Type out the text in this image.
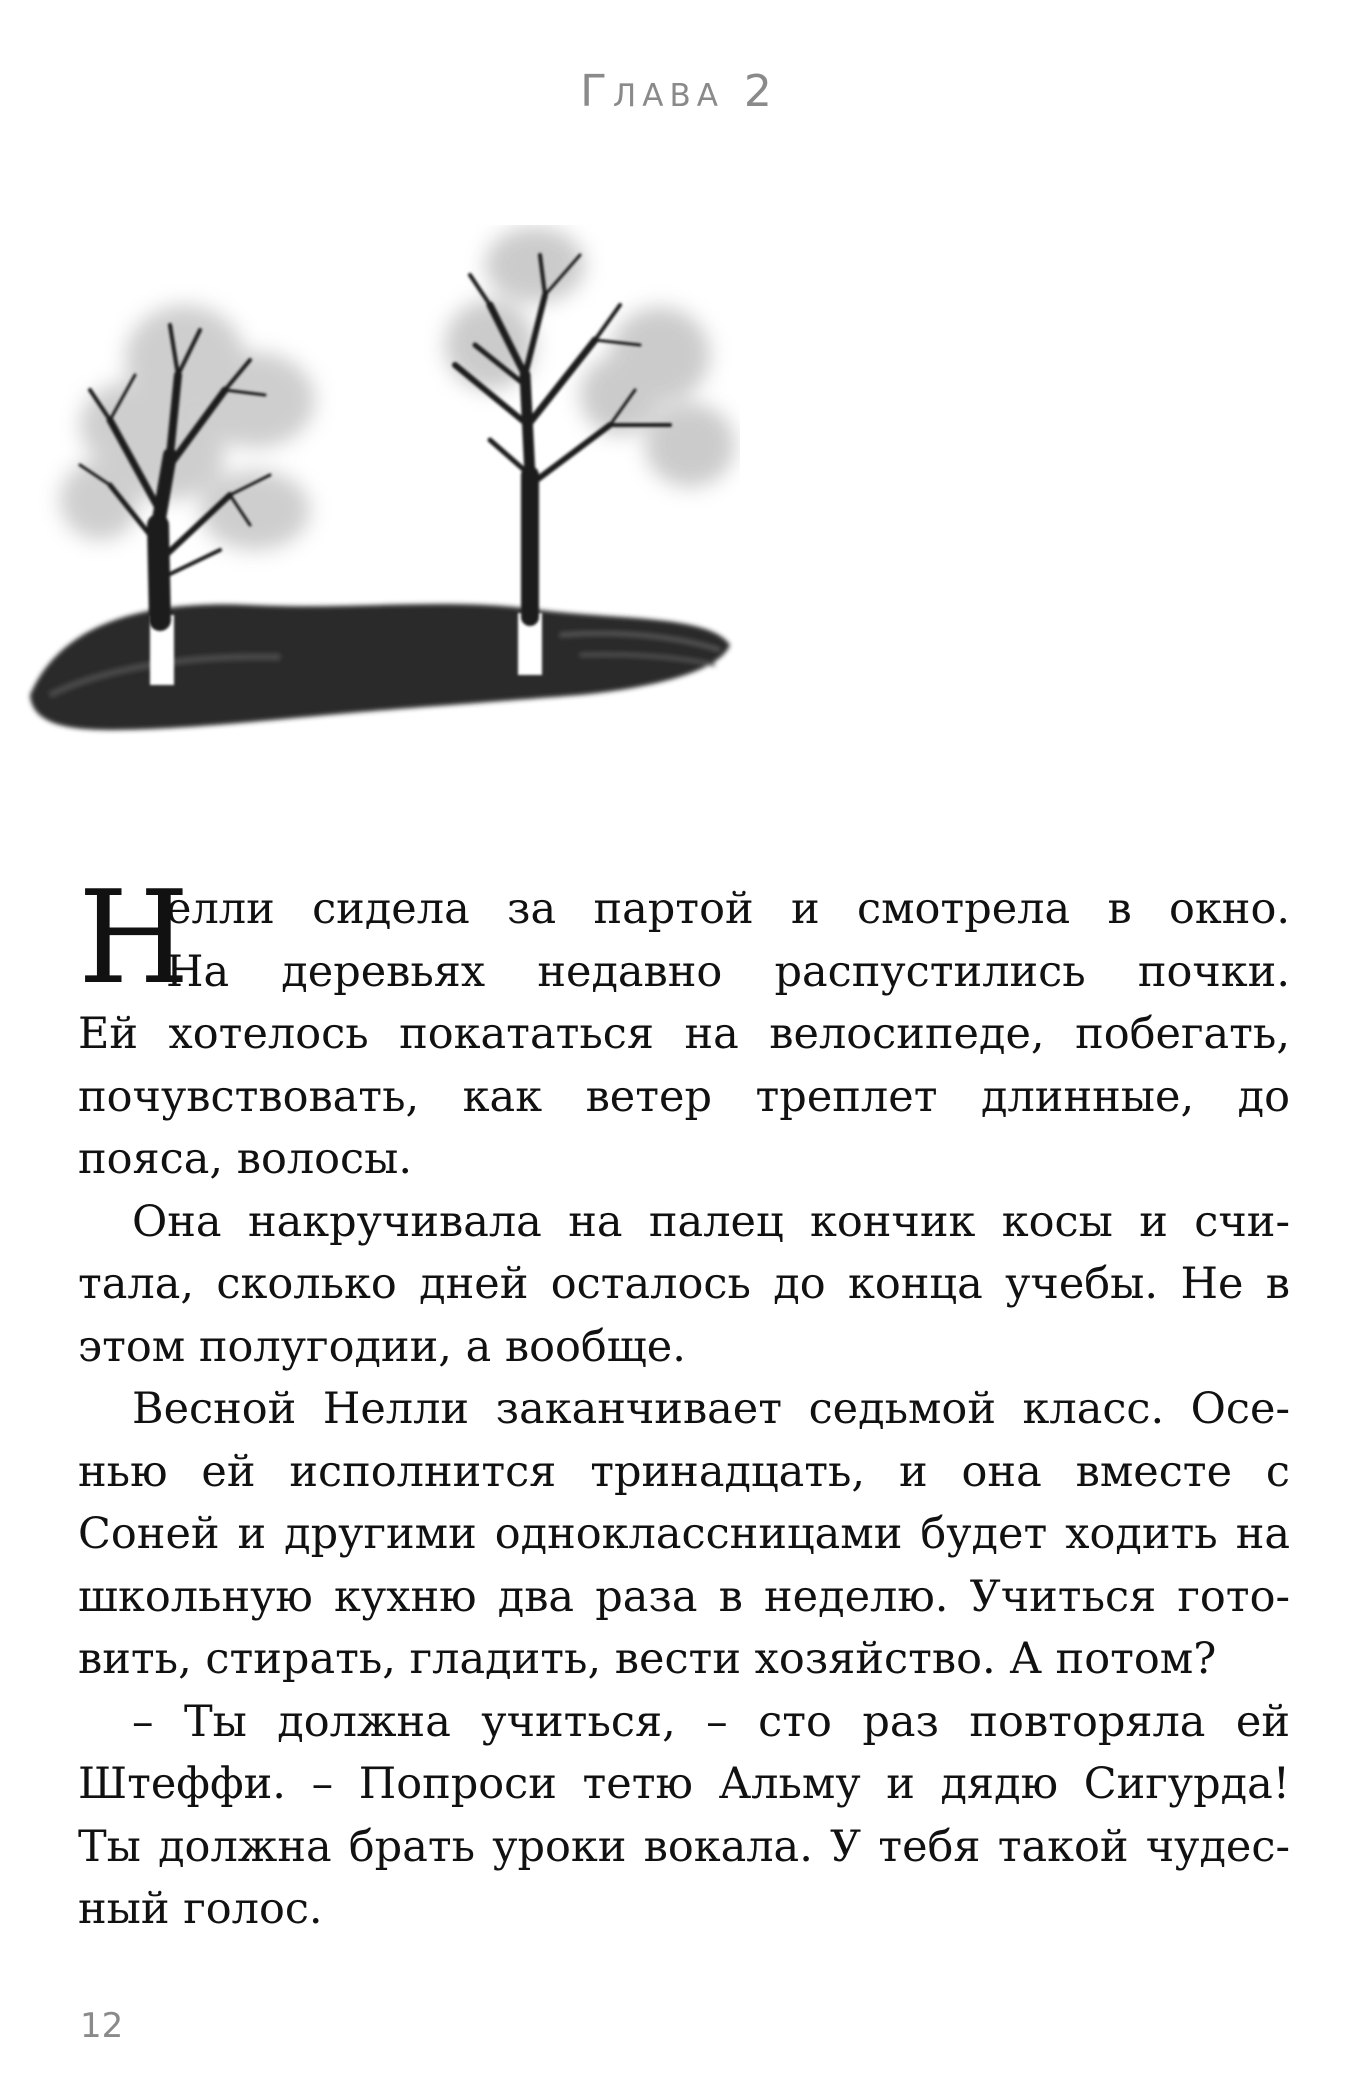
Глава 2
Н
елли сидела за партой и смотрела в окно.
На деревьях недавно распустились почки.
Ей хотелось покататься на велосипеде, побегать,
почувствовать, как ветер треплет длинные, до
пояса, волосы.
Она накручивала на палец кончик косы и счи-
тала, сколько дней осталось до конца учебы. Не в
этом полугодии, а вообще.
Весной Нелли заканчивает седьмой класс. Осе-
нью ей исполнится тринадцать, и она вместе с
Соней и другими одноклассницами будет ходить на
школьную кухню два раза в неделю. Учиться гото-
вить, стирать, гладить, вести хозяйство. А потом?
– Ты должна учиться, – сто раз повторяла ей
Штеффи. – Попроси тетю Альму и дядю Сигурда!
Ты должна брать уроки вокала. У тебя такой чудес-
ный голос.
12
